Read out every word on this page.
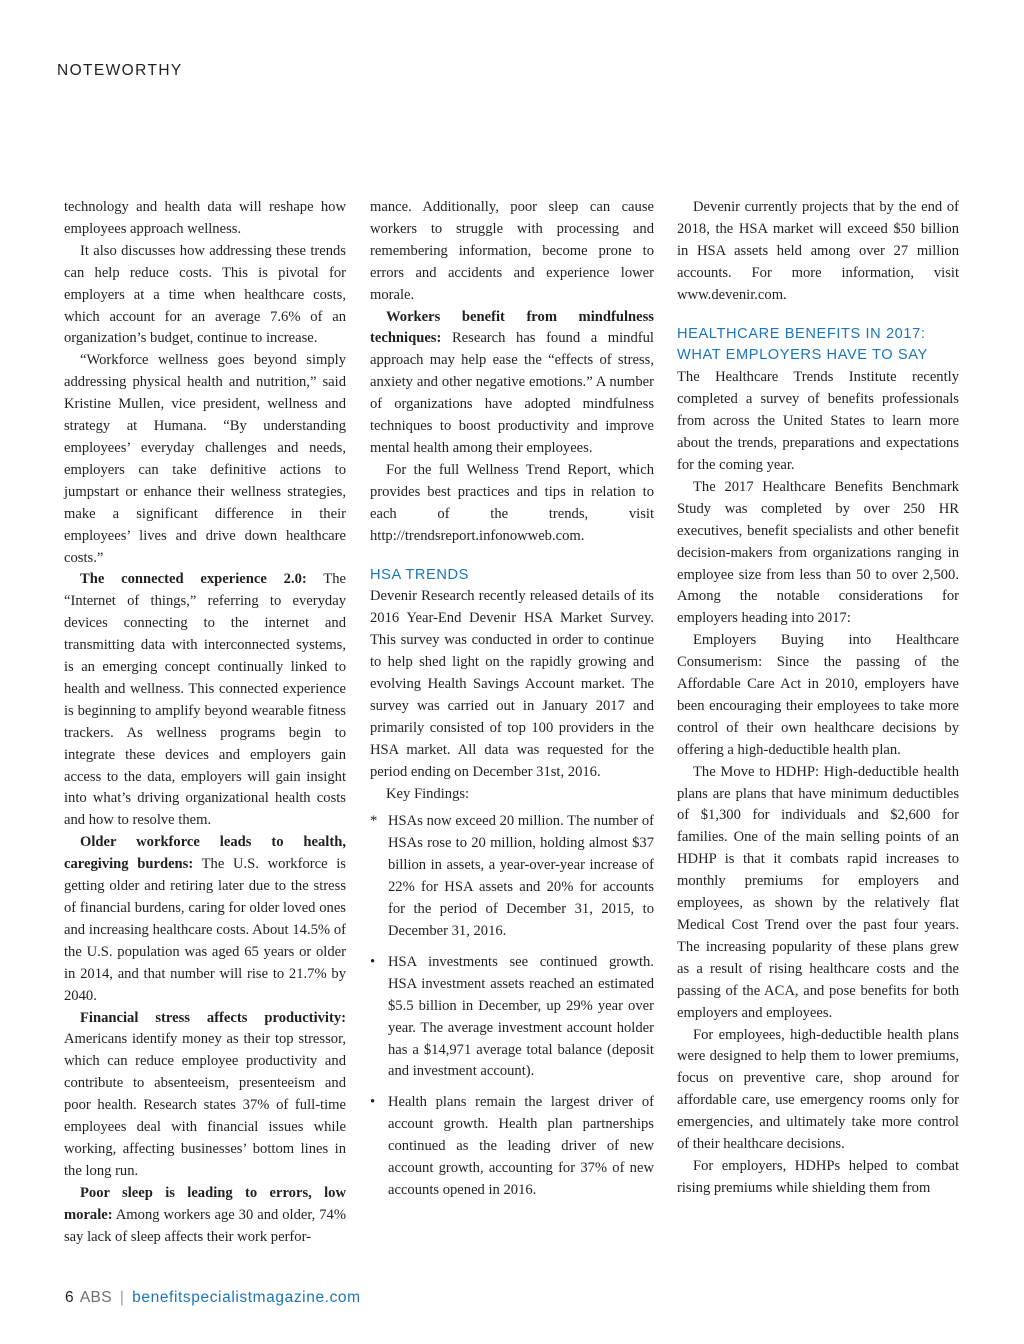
NOTEWORTHY

technology and health data will reshape how employees approach wellness.

It also discusses how addressing these trends can help reduce costs. This is pivotal for employers at a time when healthcare costs, which account for an average 7.6% of an organization’s budget, continue to increase.

“Workforce wellness goes beyond simply addressing physical health and nutrition,” said Kristine Mullen, vice president, wellness and strategy at Humana. “By understanding employees’ everyday challenges and needs, employers can take definitive actions to jumpstart or enhance their wellness strategies, make a significant difference in their employees’ lives and drive down healthcare costs.”

The connected experience 2.0: The “Internet of things,” referring to everyday devices connecting to the internet and transmitting data with interconnected systems, is an emerging concept continually linked to health and wellness. This connected experience is beginning to amplify beyond wearable fitness trackers. As wellness programs begin to integrate these devices and employers gain access to the data, employers will gain insight into what’s driving organizational health costs and how to resolve them.

Older workforce leads to health, caregiving burdens: The U.S. workforce is getting older and retiring later due to the stress of financial burdens, caring for older loved ones and increasing healthcare costs. About 14.5% of the U.S. population was aged 65 years or older in 2014, and that number will rise to 21.7% by 2040.

Financial stress affects productivity: Americans identify money as their top stressor, which can reduce employee productivity and contribute to absenteeism, presenteeism and poor health. Research states 37% of full-time employees deal with financial issues while working, affecting businesses’ bottom lines in the long run.

Poor sleep is leading to errors, low morale: Among workers age 30 and older, 74% say lack of sleep affects their work perfor-

mance. Additionally, poor sleep can cause workers to struggle with processing and remembering information, become prone to errors and accidents and experience lower morale.

Workers benefit from mindfulness techniques: Research has found a mindful approach may help ease the “effects of stress, anxiety and other negative emotions.” A number of organizations have adopted mindfulness techniques to boost productivity and improve mental health among their employees.

For the full Wellness Trend Report, which provides best practices and tips in relation to each of the trends, visit http://trendsreport.infonowweb.com.

HSA TRENDS

Devenir Research recently released details of its 2016 Year-End Devenir HSA Market Survey. This survey was conducted in order to continue to help shed light on the rapidly growing and evolving Health Savings Account market. The survey was carried out in January 2017 and primarily consisted of top 100 providers in the HSA market. All data was requested for the period ending on December 31st, 2016.

Key Findings:

* HSAs now exceed 20 million. The number of HSAs rose to 20 million, holding almost $37 billion in assets, a year-over-year increase of 22% for HSA assets and 20% for accounts for the period of December 31, 2015, to December 31, 2016.
• HSA investments see continued growth. HSA investment assets reached an estimated $5.5 billion in December, up 29% year over year. The average investment account holder has a $14,971 average total balance (deposit and investment account).
• Health plans remain the largest driver of account growth. Health plan partnerships continued as the leading driver of new account growth, accounting for 37% of new accounts opened in 2016.

Devenir currently projects that by the end of 2018, the HSA market will exceed $50 billion in HSA assets held among over 27 million accounts. For more information, visit www.devenir.com.

HEALTHCARE BENEFITS IN 2017:
WHAT EMPLOYERS HAVE TO SAY

The Healthcare Trends Institute recently completed a survey of benefits professionals from across the United States to learn more about the trends, preparations and expectations for the coming year.

The 2017 Healthcare Benefits Benchmark Study was completed by over 250 HR executives, benefit specialists and other benefit decision-makers from organizations ranging in employee size from less than 50 to over 2,500. Among the notable considerations for employers heading into 2017:

Employers Buying into Healthcare Consumerism: Since the passing of the Affordable Care Act in 2010, employers have been encouraging their employees to take more control of their own healthcare decisions by offering a high-deductible health plan.

The Move to HDHP: High-deductible health plans are plans that have minimum deductibles of $1,300 for individuals and $2,600 for families. One of the main selling points of an HDHP is that it combats rapid increases to monthly premiums for employers and employees, as shown by the relatively flat Medical Cost Trend over the past four years. The increasing popularity of these plans grew as a result of rising healthcare costs and the passing of the ACA, and pose benefits for both employers and employees.

For employees, high-deductible health plans were designed to help them to lower premiums, focus on preventive care, shop around for affordable care, use emergency rooms only for emergencies, and ultimately take more control of their healthcare decisions.

For employers, HDHPs helped to combat rising premiums while shielding them from

6 ABS | benefitspecialistmagazine.com
